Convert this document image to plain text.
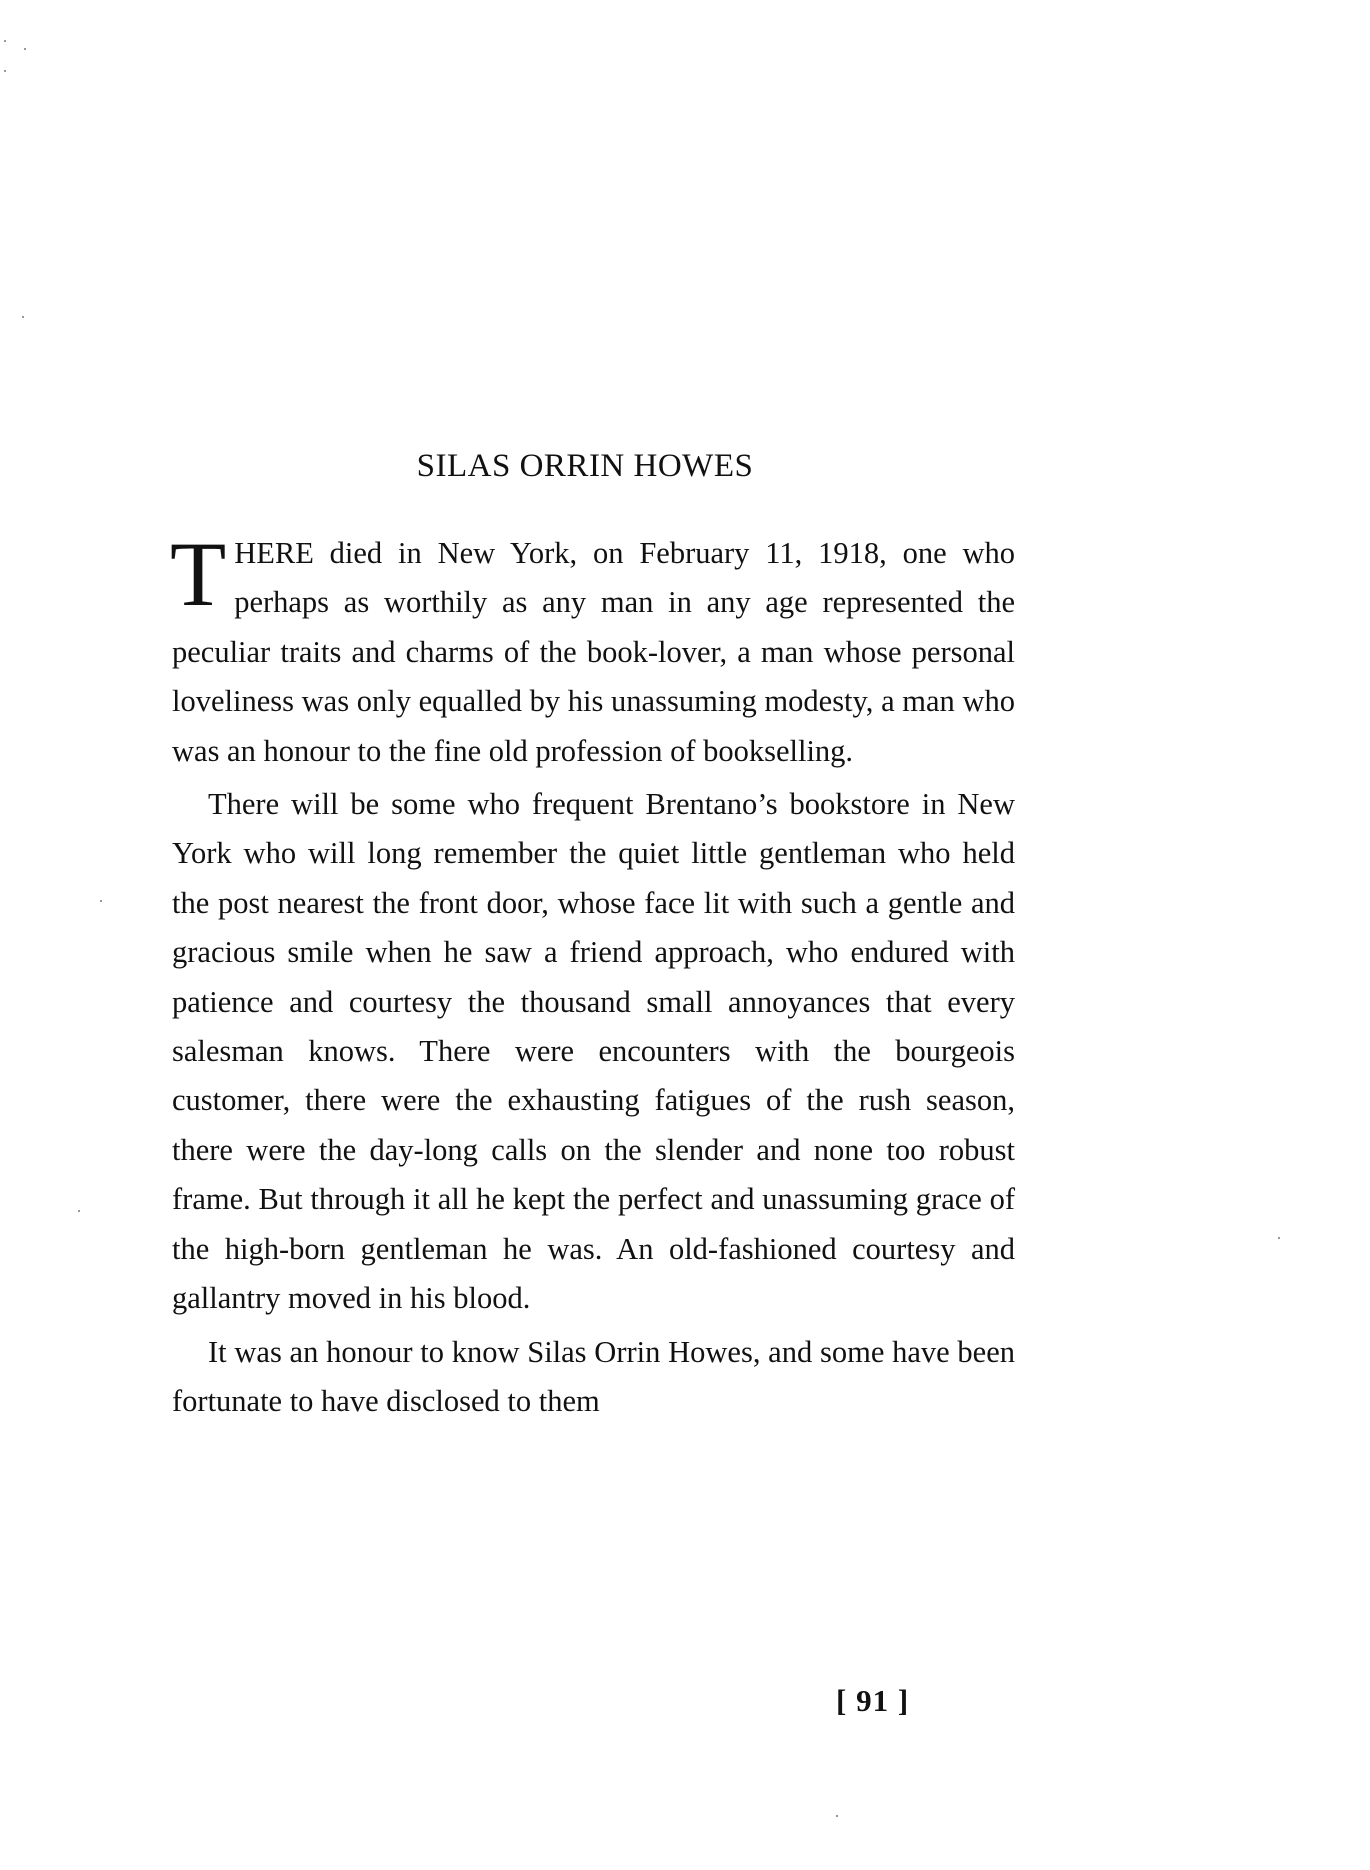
SILAS ORRIN HOWES

THERE died in New York, on February 11, 1918, one who perhaps as worthily as any man in any age represented the peculiar traits and charms of the book-lover, a man whose personal loveliness was only equalled by his unassuming modesty, a man who was an honour to the fine old profession of bookselling.

There will be some who frequent Brentano’s bookstore in New York who will long remember the quiet little gentleman who held the post nearest the front door, whose face lit with such a gentle and gracious smile when he saw a friend approach, who endured with patience and courtesy the thousand small annoyances that every salesman knows. There were encounters with the bourgeois customer, there were the exhausting fatigues of the rush season, there were the day-long calls on the slender and none too robust frame. But through it all he kept the perfect and unassuming grace of the high-born gentleman he was. An old-fashioned courtesy and gallantry moved in his blood.

It was an honour to know Silas Orrin Howes, and some have been fortunate to have disclosed to them

[ 91 ]
